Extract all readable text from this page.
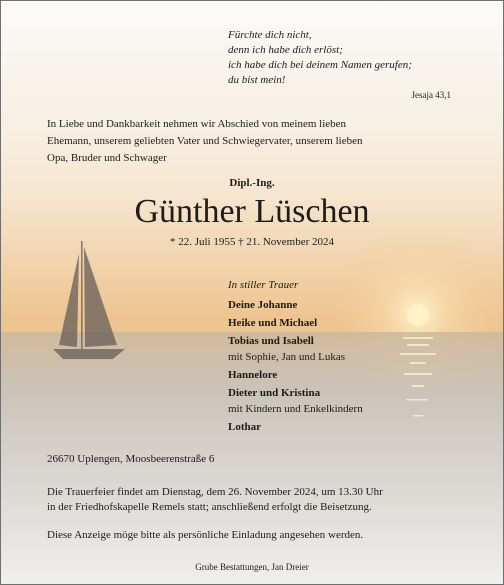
Fürchte dich nicht,
denn ich habe dich erlöst;
ich habe dich bei deinem Namen gerufen;
du bist mein!
Jesaja 43,1
In Liebe und Dankbarkeit nehmen wir Abschied von meinem lieben
Ehemann, unserem geliebten Vater und Schwiegervater, unserem lieben
Opa, Bruder und Schwager
Dipl.-Ing.
Günther Lüschen
* 22. Juli 1955 † 21. November 2024
In stiller Trauer
Deine Johanne
Heike und Michael
Tobias und Isabell
mit Sophie, Jan und Lukas
Hannelore
Dieter und Kristina
mit Kindern und Enkelkindern
Lothar
26670 Uplengen, Moosbeerenstraße 6
Die Trauerfeier findet am Dienstag, dem 26. November 2024, um 13.30 Uhr
in der Friedhofskapelle Remels statt; anschließend erfolgt die Beisetzung.
Diese Anzeige möge bitte als persönliche Einladung angesehen werden.
Grube Bestattungen, Jan Dreier
